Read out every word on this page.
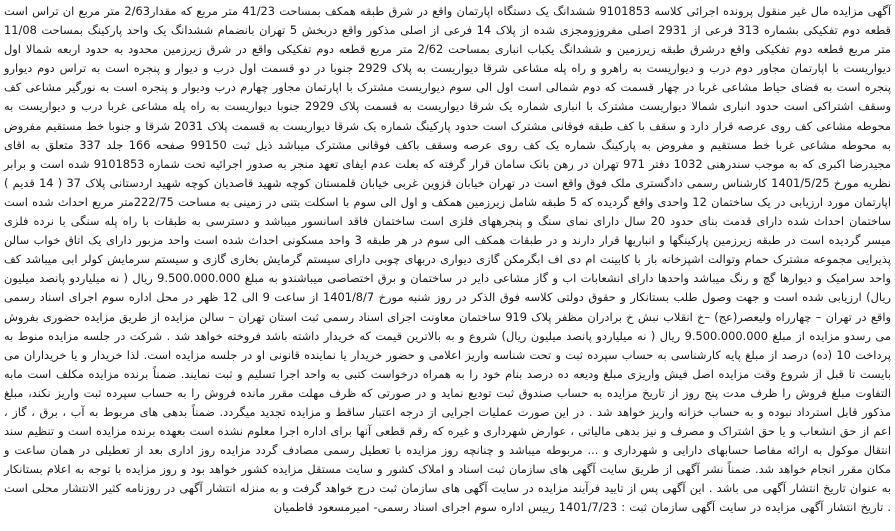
آگهی مزایده مال غیر منقول پرونده اجرائی کلاسه 9101853 ششدانگ یک دستگاه اپارتمان واقع در شرق طبقه همکف بمساحت 41/23 متر مربع که مقدار2/63 متر مربع ان تراس است قطعه دوم تفکیکی بشماره 313 فرعی از 2931 اصلی مفروزومجزی شده از پلاک 14 فرعی از اصلی مذکور واقع دربخش 5 تهران بانضمام ششدانگ یک واحد پارکینگ بمساحت 11/08 متر مربع قطعه دوم تفکیکی واقع درشرق طبقه زیرزمین و ششدانگ یکباب انباری بمساحت 2/62 متر مربع قطعه دوم تفکیکی واقع در شرق زیرزمین محدود به حدود اربعه شمالا اول دیواریست با اپارتمان مجاور دوم درب و دیواریست به راهرو و راه پله مشاعی شرقا دیواریست به پلاک 2929 جنوبا در دو قسمت اول درب و دیوار و پنجره است به تراس دوم دیوارو پنجره است به فضای حیاط مشاعی غربا در چهار قسمت که دوم شمالی است اول الی سوم دیواریست مشترک با اپارتمان مجاور چهارم درب ودیوار و پنجره است به نورگیر مشاعی کف وسقف اشتراکی است حدود انباری شمالا دیواریست مشترک با انباری شماره یک شرقا دیواریست به قسمت پلاک 2929 جنوبا دیواریست به راه پله مشاعی غربا درب و دیواریست به محوطه مشاعی کف روی عرصه قرار دارد و سقف با کف طبقه فوقانی مشترک است حدود پارکینگ شماره یک شرقا دیواریست به قسمت پلاک 2031 شرقا و جنوبا خط مستقیم مفروض به محوطه مشاعی غربا خط مستقیم و مفروض به پارکینگ شماره یک کف روی عرصه وسقف باکف فوقانی مشترک میباشد ذیل ثبت 99150 صفحه 166 جلد 337 متعلق به اقای مجیدرضا اکبری که به موجب سندرهنی 1032 دفتر 971 تهران در رهن بانک سامان قرار گرفته که بعلت عدم ایفای تعهد منجر به صدور اجرائیه تحت شماره 9101853 شده است و برابر نظریه مورخ 1401/5/25 کارشناس رسمی دادگستری ملک فوق واقع است در تهران خیابان قزوین غربی خیابان قلمستان کوچه شهید قاصدیان کوچه شهید اردستانی پلاک 37 ( 14 قدیم ) اپارتمان مورد ارزیابی در یک ساختمان 12 واحدی واقع گردیده که 5 طبقه شامل زیرزمین همکف و اول الی سوم با اسکلت بتنی در زمینی به مساحت 222/75متر مربع احداث شده است ساختمان احداث شده دارای قدمت بنای حدود 20 سال دارای نمای سنگ و پنجرههای فلزی است ساختمان فاقد اسانسور میباشد و دسترسی به طبقات با راه پله سنگی با نرده فلزی میسر گردیده است در طبقه زیرزمین پارکینگها و انباریها قرار دارند و در طبقات همکف الی سوم در هر طبقه 3 واحد مسکونی احداث شده است واحد مزبور دارای یک اتاق خواب سالن پذیرایی مجموعه مشترک حمام وتوالت اشپزخانه باز با کابینت ام دی اف ابگرمکن گازی دیواری دربهای چوبی دارای سیستم گرمایش بخاری گازی و سیستم سرمایش کولر ابی میباشد کف واحد سرامیک و دیوارها گچ و رنگ میباشد واحدها دارای انشعابات اب و گاز مشاعی دایر در ساختمان و برق اختصاصی میباشندو به مبلغ 9.500.000.000 ریال ( نه میلیاردو پانصد میلیون ریال) ارزیابی شده است و جهت وصول طلب بستانکار و حقوق دولتی کلاسه فوق الذکر در روز شنبه مورخ 1401/8/7 از ساعت 9 الی 12 ظهر در محل اداره سوم اجرای اسناد رسمی واقع در تهران – چهارراه ولیعصر(عج) –خ انقلاب نبش خ برادران مظفر پلاک 919 ساختمان معاونت اجرای اسناد رسمی ثبت استان تهران – سالن مزایده از طریق مزایده حضوری بفروش می رسدو مزایده از مبلغ 9.500.000.000 ریال ( نه میلیاردو پانصد میلیون ریال) شروع و به بالاترین قیمت که خریدار داشته باشد فروخته خواهد شد . شرکت در جلسه مزایده منوط به پرداخت 10 (ده) درصد از مبلغ پایه کارشناسی به حساب سپرده ثبت و تحت شناسه واریز اعلامی و حضور خریدار یا نماینده قانونی او در جلسه مزایده است. لذا خریدار و یا خریداران می بایست تا قبل از شروع وقت مزایده اصل فیش واریزی مبلغ ودیعه ده درصد بنام خود را به همراه درخواست کتبی به واحد اجرا تسلیم و ثبت نمایند. ضمناً برنده مزایده مکلف است مابه التفاوت مبلغ فروش را ظرف مدت پنج روز از تاریخ مزایده به حساب صندوق ثبت تودیع نماید و در صورتی که ظرف مهلت مقرر مانده فروش را به حساب سپرده ثبت واریز نکند، مبلغ مذکور قابل استرداد نبوده و به حساب خزانه واریز خواهد شد . در این صورت عملیات اجرایی از درجه اعتبار ساقط و مزایده تجدید میگردد. ضمناً بدهی های مربوط به آب ، برق ، گاز ، اعم از حق انشعاب و یا حق اشتراک و مصرف و نیز بدهی مالیاتی ، عوارض شهرداری و غیره که رقم قطعی آنها برای اداره اجرا معلوم نشده است بعهده برنده مزایده است و تنظیم سند انتقال موکول به ارائه مفاصا حسابهای دارایی و شهرداری و ... مربوطه میباشد و چنانچه روز مزایده با تعطیل رسمی مصادف گردد مزایده روز اداری بعد از تعطیلی در همان ساعت و مکان مقرر انجام خواهد شد. ضمناً نشر آگهی از طریق سایت آگهی های سازمان ثبت اسناد و املاک کشور و سایت مستقل مزایده کشور خواهد بود و روز مزایده با توجه به اعلام بستانکار به عنوان تاریخ انتشار آگهی می باشد . این آگهی پس از تایید فرآیند مزایده در سایت آگهی های سازمان ثبت درج خواهد گرفت و به منزله انتشار آگهی در روزنامه کثیر الانتشار محلی است . تاریخ انتشار آگهی مزایده در سایت آگهی سازمان ثبت : 1401/7/23 رییس اداره سوم اجرای اسناد رسمی- امیرمسعود قاطمیان
